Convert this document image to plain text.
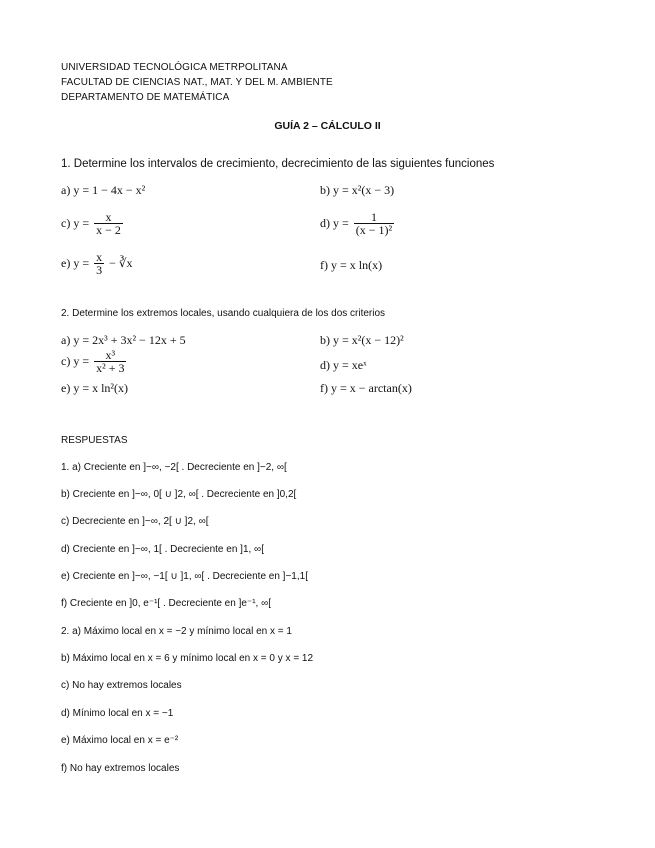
UNIVERSIDAD TECNOLÓGICA METRPOLITANA
FACULTAD DE CIENCIAS NAT., MAT. Y DEL M. AMBIENTE
DEPARTAMENTO DE MATEMÁTICA
GUÍA 2 – CÁLCULO II
1. Determine los intervalos de crecimiento, decrecimiento de las siguientes funciones
a) y = 1 − 4x − x²	b) y = x²(x − 3)
c) $y = \frac{x}{x - 2}$	d) $y = \frac{1}{\text{(x − 1)²}}$
e) $y = \frac{x}{3}$ − ∛x	f) y = x ln(x)
2. Determine los extremos locales, usando cualquiera de los dos criterios
a) y = 2x³ + 3x² − 12x + 5	b) y = x²(x − 12)²
c) $y = \frac{\text{x³}}{\text{x² + 3}}$	d) y = xeˣ
e) y = x ln²(x)	f) y = x − arctan(x)
RESPUESTAS
1. a) Creciente en ]−∞, −2[ . Decreciente en ]−2, ∞[
b) Creciente en ]−∞, 0[ ∪ ]2, ∞[ . Decreciente en ]0,2[
c) Decreciente en ]−∞, 2[ ∪ ]2, ∞[
d) Creciente en ]−∞, 1[ . Decreciente en ]1, ∞[
e) Creciente en ]−∞, −1[ ∪ ]1, ∞[ . Decreciente en ]−1,1[
f) Creciente en ]0, e⁻¹[ . Decreciente en ]e⁻¹, ∞[
2. a) Máximo local en x = −2 y mínimo local en x = 1
b) Máximo local en x = 6 y mínimo local en x = 0 y x = 12
c) No hay extremos locales
d) Mínimo local en x = −1
e) Máximo local en x = e⁻²
f) No hay extremos locales
